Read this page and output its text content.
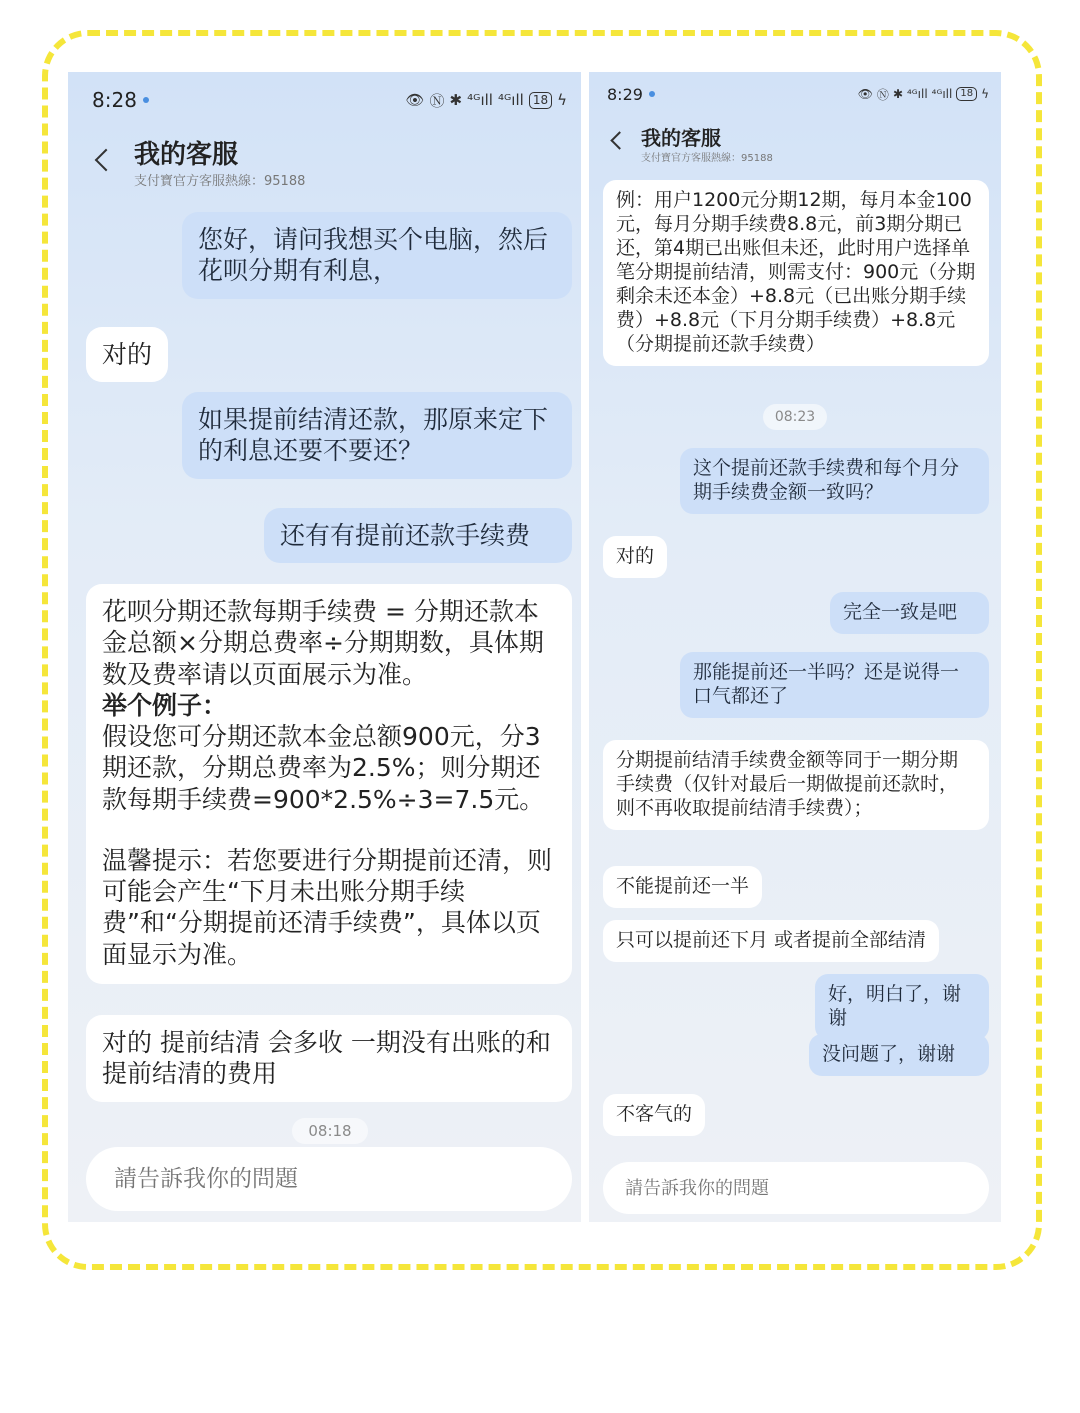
8:28	👁 Ⓝ ✱ ⁴ᴳıll ⁴ᴳıll 18 ϟ
我的客服
支付寶官方客服熱線：95188
您好，请问我想买个电脑，然后花呗分期有利息，
对的
如果提前结清还款，那原来定下的利息还要不要还？
还有有提前还款手续费
花呗分期还款每期手续费 = 分期还款本金总额×分期总费率÷分期期数，具体期数及费率请以页面展示为准。
举个例子：
假设您可分期还款本金总额900元，分3期还款，分期总费率为2.5%；则分期还款每期手续费=900*2.5%÷3=7.5元。
温馨提示：若您要进行分期提前还清，则可能会产生“下月未出账分期手续费”和“分期提前还清手续费”，具体以页面显示为准。
对的 提前结清 会多收 一期没有出账的和提前结清的费用
08:18
請告訴我你的問題
8:29	👁 Ⓝ ✱ ⁴ᴳıll ⁴ᴳıll 18 ϟ
我的客服
支付寶官方客服熱線：95188
例：用户1200元分期12期，每月本金100元，每月分期手续费8.8元，前3期分期已还，第4期已出账但未还，此时用户选择单笔分期提前结清，则需支付：900元（分期剩余未还本金）+8.8元（已出账分期手续费）+8.8元（下月分期手续费）+8.8元（分期提前还款手续费）
08:23
这个提前还款手续费和每个月分期手续费金额一致吗？
对的
完全一致是吧
那能提前还一半吗？还是说得一口气都还了
分期提前结清手续费金额等同于一期分期手续费（仅针对最后一期做提前还款时，则不再收取提前结清手续费）；
不能提前还一半
只可以提前还下月 或者提前全部结清
好，明白了，谢谢
没问题了，谢谢
不客气的
請告訴我你的問題
